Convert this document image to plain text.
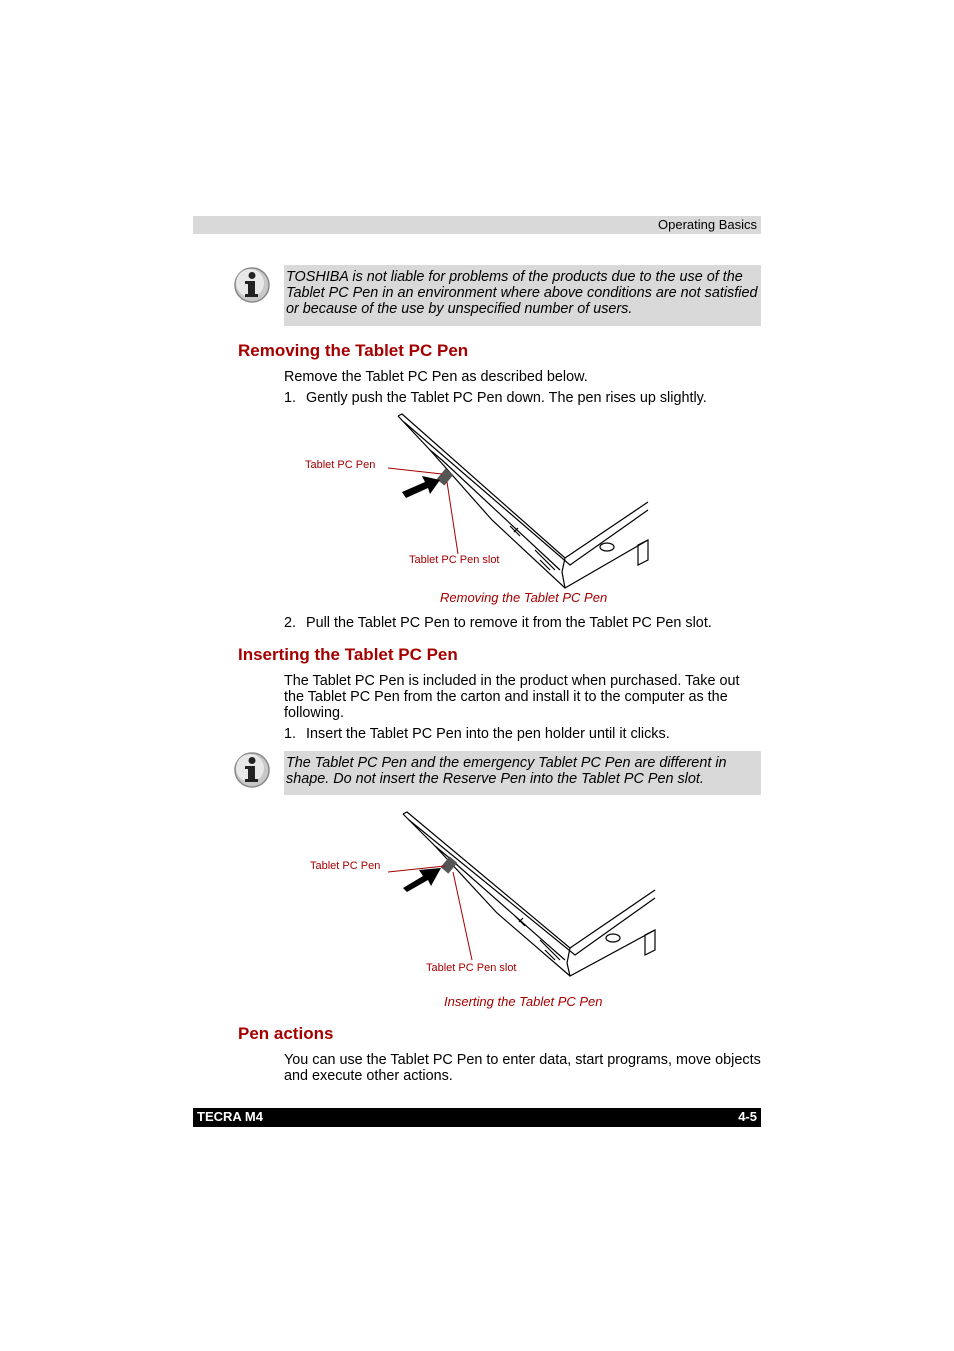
Operating Basics
TOSHIBA is not liable for problems of the products due to the use of the Tablet PC Pen in an environment where above conditions are not satisfied or because of the use by unspecified number of users.
Removing the Tablet PC Pen

Remove the Tablet PC Pen as described below.

1. Gently push the Tablet PC Pen down. The pen rises up slightly.
Tablet PC Pen
Tablet PC Pen slot
Removing the Tablet PC Pen
2. Pull the Tablet PC Pen to remove it from the Tablet PC Pen slot.
Inserting the Tablet PC Pen

The Tablet PC Pen is included in the product when purchased. Take out the Tablet PC Pen from the carton and install it to the computer as the following.

1. Insert the Tablet PC Pen into the pen holder until it clicks.
The Tablet PC Pen and the emergency Tablet PC Pen are different in shape. Do not insert the Reserve Pen into the Tablet PC Pen slot.
Tablet PC Pen
Tablet PC Pen slot
Inserting the Tablet PC Pen
Pen actions

You can use the Tablet PC Pen to enter data, start programs, move objects and execute other actions.

TECRA M4	4-5
